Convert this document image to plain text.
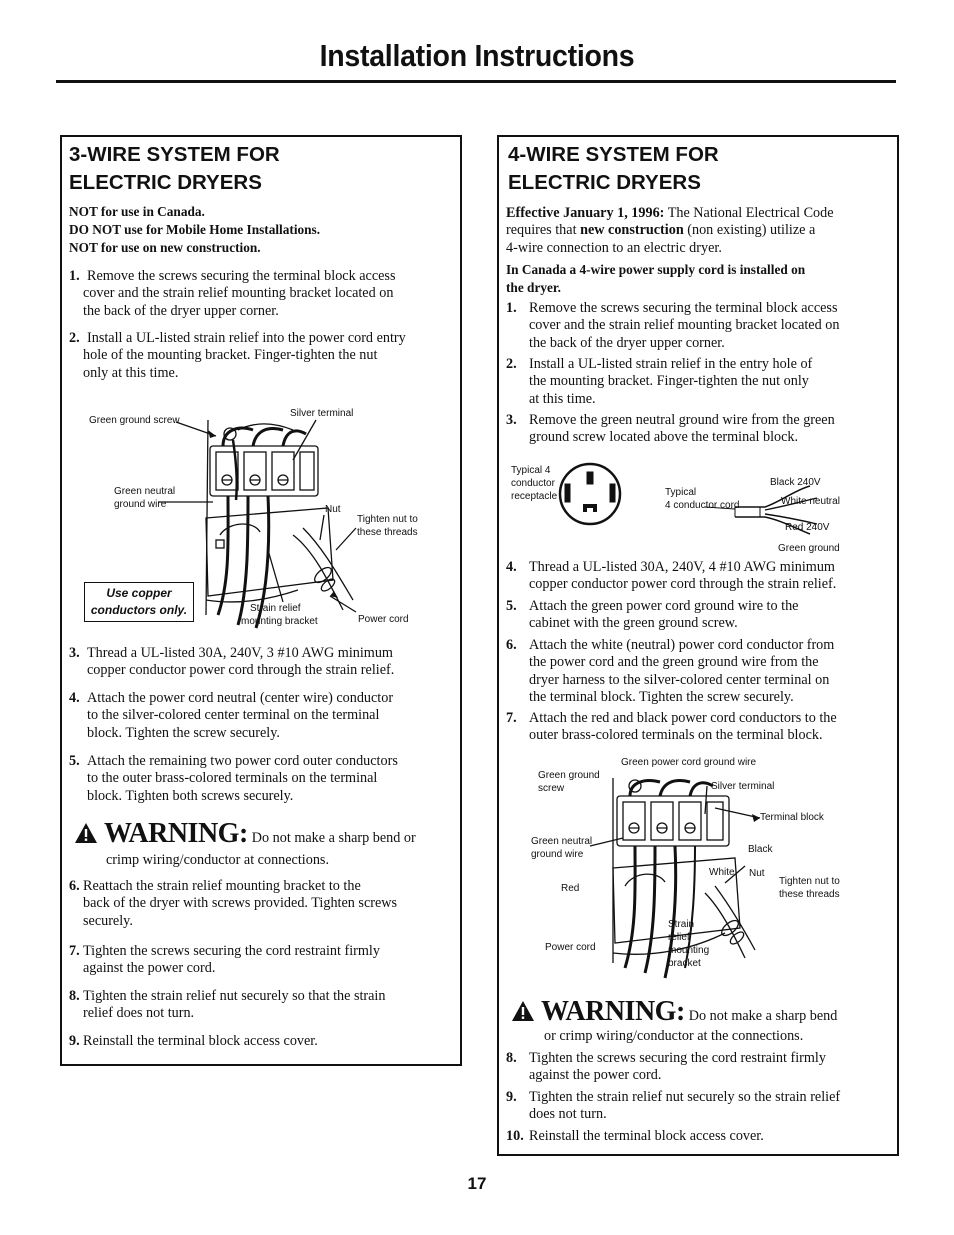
Installation Instructions
3-WIRE SYSTEM FOR
ELECTRIC DRYERS
NOT for use in Canada.
DO NOT use for Mobile Home Installations.
NOT for use on new construction.
1. Remove the screws securing the terminal block access
cover and the strain relief mounting bracket located on
the back of the dryer upper corner.
2. Install a UL-listed strain relief into the power cord entry
hole of the mounting bracket. Finger-tighten the nut
only at this time.
Green ground screw
Silver terminal
Green neutral
ground wire	Nut
Tighten nut to
these threads
Strain relief
mounting bracket	Power cord
Use copper
conductors only.
3. Thread a UL-listed 30A, 240V, 3 #10 AWG minimum
copper conductor power cord through the strain relief.
4. Attach the power cord neutral (center wire) conductor
to the silver-colored center terminal on the terminal
block. Tighten the screw securely.
5. Attach the remaining two power cord outer conductors
to the outer brass-colored terminals on the terminal
block. Tighten both screws securely.
WARNING: Do not make a sharp bend or
crimp wiring/conductor at connections.
6. Reattach the strain relief mounting bracket to the
back of the dryer with screws provided. Tighten screws
securely.
7. Tighten the screws securing the cord restraint firmly
against the power cord.
8. Tighten the strain relief nut securely so that the strain
relief does not turn.
9. Reinstall the terminal block access cover.
4-WIRE SYSTEM FOR
ELECTRIC DRYERS
Effective January 1, 1996: The National Electrical Code
requires that new construction (non existing) utilize a
4-wire connection to an electric dryer.
In Canada a 4-wire power supply cord is installed on
the dryer.
1. Remove the screws securing the terminal block access
cover and the strain relief mounting bracket located on
the back of the dryer upper corner.
2. Install a UL-listed strain relief in the entry hole of
the mounting bracket. Finger-tighten the nut only
at this time.
3. Remove the green neutral ground wire from the green
ground screw located above the terminal block.
Typical 4
conductor
receptacle	Typical
4 conductor cord
Black 240V
White neutral
Red 240V
Green ground
4. Thread a UL-listed 30A, 240V, 4 #10 AWG minimum
copper conductor power cord through the strain relief.
5. Attach the green power cord ground wire to the
cabinet with the green ground screw.
6. Attach the white (neutral) power cord conductor from
the power cord and the green ground wire from the
dryer harness to the silver-colored center terminal on
the terminal block. Tighten the screw securely.
7. Attach the red and black power cord conductors to the
outer brass-colored terminals on the terminal block.
Green power cord ground wire
Green ground
screw	Silver terminal
Terminal block
Green neutral
ground wire	Black
White Nut
Tighten nut to
these threads
Red
Strain
relief
mounting
bracket
Power cord
WARNING: Do not make a sharp bend
or crimp wiring/conductor at the connections.
8. Tighten the screws securing the cord restraint firmly
against the power cord.
9. Tighten the strain relief nut securely so the strain relief
does not turn.
10. Reinstall the terminal block access cover.
17
